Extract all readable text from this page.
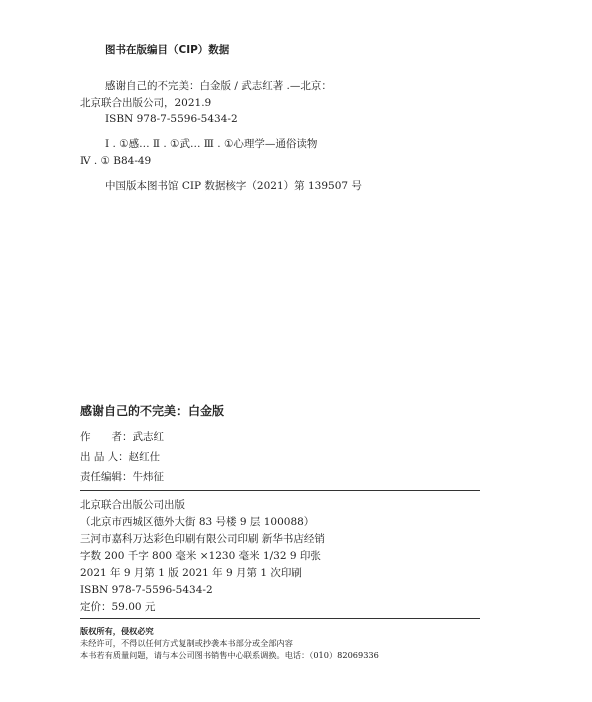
图书在版编目（CIP）数据
感谢自己的不完美：白金版 / 武志红著 .—北京：
北京联合出版公司，2021.9
ISBN 978-7-5596-5434-2
Ⅰ . ①感… Ⅱ . ①武… Ⅲ . ①心理学—通俗读物
Ⅳ . ① B84-49
中国版本图书馆 CIP 数据核字（2021）第 139507 号
感谢自己的不完美：白金版
作　　者：武志红
出 品 人：赵红仕
责任编辑：牛炜征
北京联合出版公司出版
（北京市西城区德外大街 83 号楼 9 层 100088）
三河市嘉科万达彩色印刷有限公司印刷 新华书店经销
字数 200 千字 800 毫米 ×1230 毫米 1/32 9 印张
2021 年 9 月第 1 版 2021 年 9 月第 1 次印刷
ISBN 978-7-5596-5434-2
定价：59.00 元
版权所有，侵权必究
未经许可，不得以任何方式复制或抄袭本书部分或全部内容
本书若有质量问题，请与本公司图书销售中心联系调换。电话：（010）82069336
